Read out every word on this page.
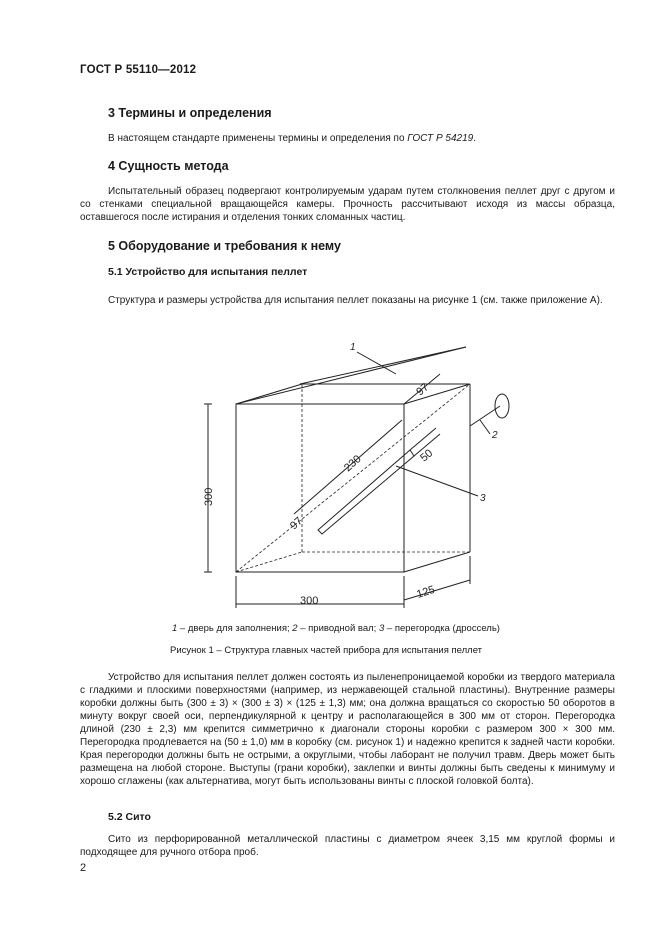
ГОСТ Р 55110—2012
3 Термины и определения
В настоящем стандарте применены термины и определения по ГОСТ Р 54219.
4 Сущность метода
Испытательный образец подвергают контролируемым ударам путем столкновения пеллет друг с другом и со стенками специальной вращающейся камеры. Прочность рассчитывают исходя из массы образца, оставшегося после истирания и отделения тонких сломанных частиц.
5 Оборудование и требования к нему
5.1 Устройство для испытания пеллет
Структура и размеры устройства для испытания пеллет показаны на рисунке 1 (см. также приложение А).
1
2
3
300
300
125
230
97
97
50
1 – дверь для заполнения; 2 – приводной вал; 3 – перегородка (дроссель)
Рисунок 1 – Структура главных частей прибора для испытания пеллет
Устройство для испытания пеллет должен состоять из пыленепроницаемой коробки из твердого материала с гладкими и плоскими поверхностями (например, из нержавеющей стальной пластины). Внутренние размеры коробки должны быть (300 ± 3) × (300 ± 3) × (125 ± 1,3) мм; она должна вращаться со скоростью 50 оборотов в минуту вокруг своей оси, перпендикулярной к центру и располагающейся в 300 мм от сторон. Перегородка длиной (230 ± 2,3) мм крепится симметрично к диагонали стороны коробки с размером 300 × 300 мм. Перегородка продлевается на (50 ± 1,0) мм в коробку (см. рисунок 1) и надежно крепится к задней части коробки. Края перегородки должны быть не острыми, а округлыми, чтобы лаборант не получил травм. Дверь может быть размещена на любой стороне. Выступы (грани коробки), заклепки и винты должны быть сведены к минимуму и хорошо сглажены (как альтернатива, могут быть использованы винты с плоской головкой болта).
5.2 Сито
Сито из перфорированной металлической пластины с диаметром ячеек 3,15 мм круглой формы и подходящее для ручного отбора проб.
2
